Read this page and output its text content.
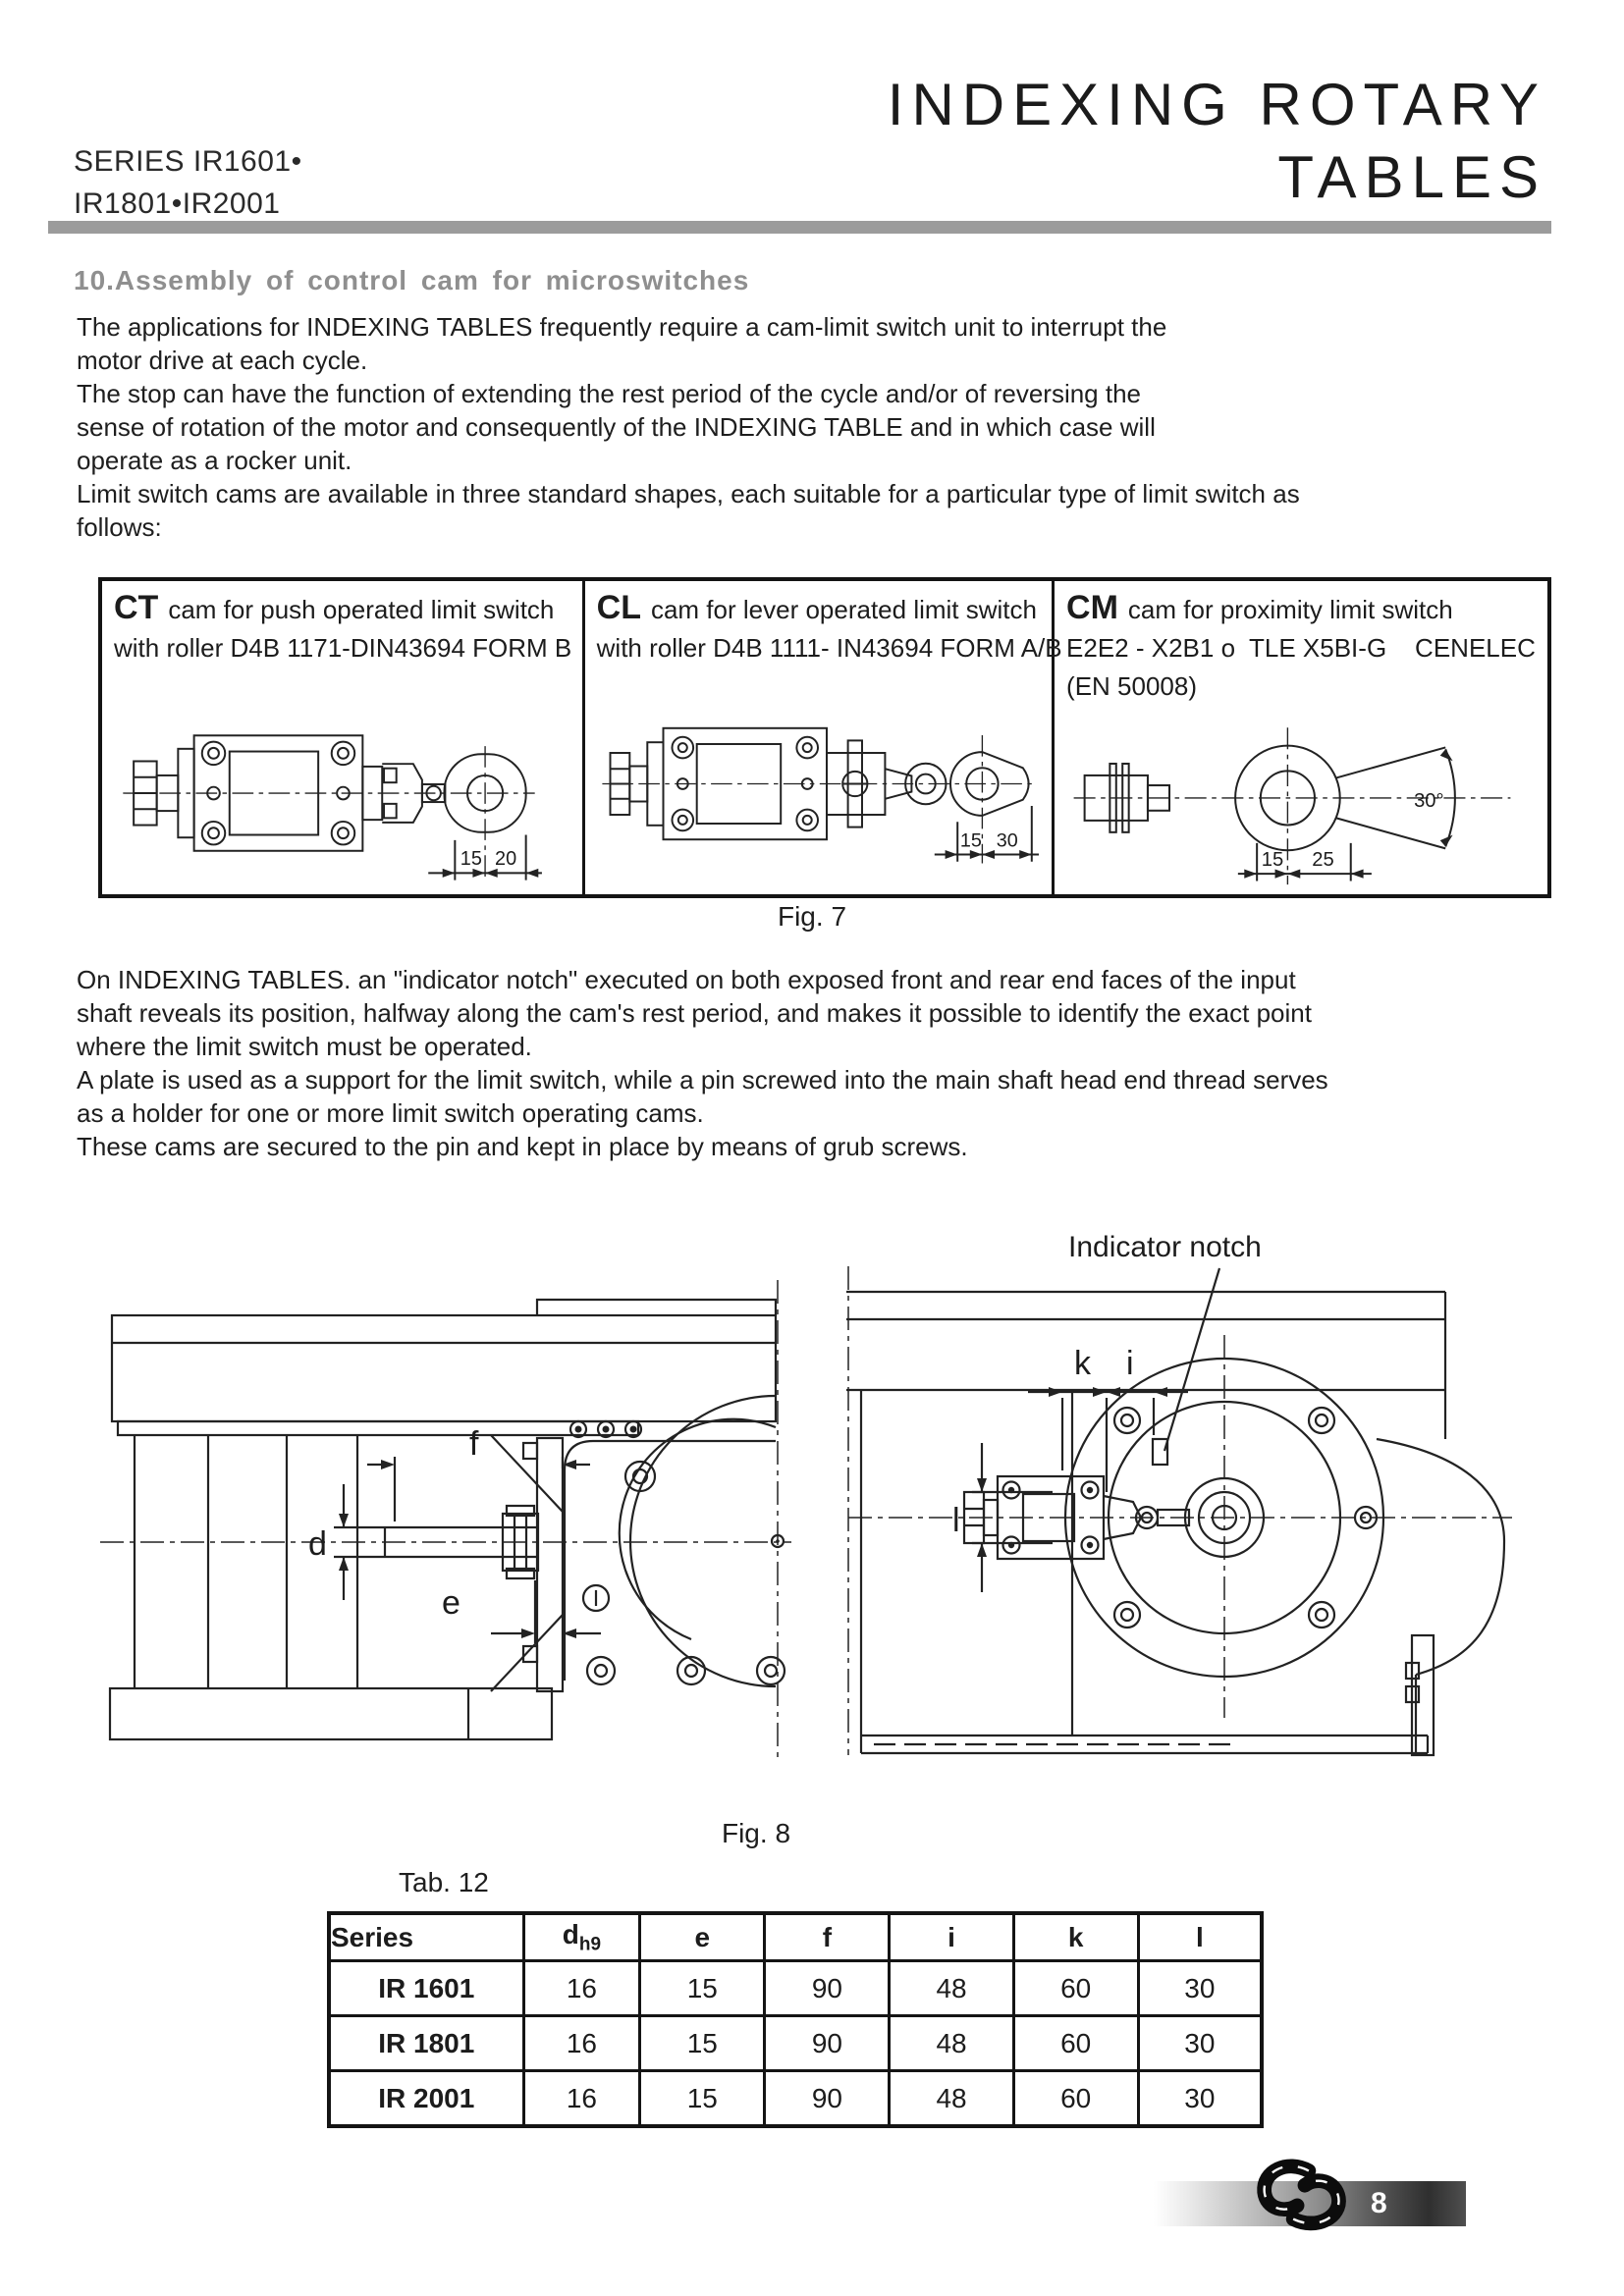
SERIES IR1601•
IR1801•IR2001
INDEXING ROTARY
TABLES
10.Assembly of control cam for microswitches
The applications for INDEXING TABLES frequently require a cam-limit switch unit to interrupt the
motor drive at each cycle.
The stop can have the function of extending the rest period of the cycle and/or of reversing the
sense of rotation of the motor and consequently of the INDEXING TABLE and in which case will
operate as a rocker unit.
Limit switch cams are available in three standard shapes, each suitable for a particular type of limit switch as
follows:
CT cam for push operated limit switch
with roller D4B 1171-DIN43694 FORM B
15 20
CL cam for lever operated limit switch
with roller D4B 1111- IN43694 FORM A/B
15 30
CM cam for proximity limit switch
E2E2 - X2B1 o  TLE X5BI-G    CENELEC
(EN 50008)
30°
15 25
Fig. 7
On INDEXING TABLES. an "indicator notch" executed on both exposed front and rear end faces of the input
shaft reveals its position, halfway along the cam's rest period, and makes it possible to identify the exact point
where the limit switch must be operated.
A plate is used as a support for the limit switch, while a pin screwed into the main shaft head end thread serves
as a holder for one or more limit switch operating cams.
These cams are secured to the pin and kept in place by means of grub screws.
f
d
e
Indicator notch
k i
l
Fig. 8
Tab. 12
Series	$d_{h9}$	e	f	i	k	l
IR 1601	16	15	90	48	60	30
IR 1801	16	15	90	48	60	30
IR 2001	16	15	90	48	60	30
8
